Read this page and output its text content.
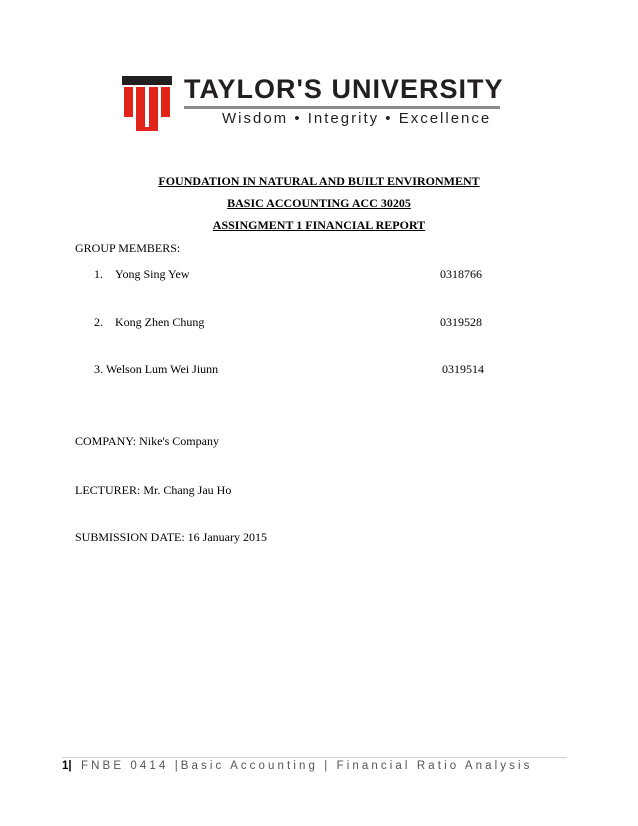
TAYLOR'S UNIVERSITY
Wisdom • Integrity • Excellence
FOUNDATION IN NATURAL AND BUILT ENVIRONMENT
BASIC ACCOUNTING ACC 30205
ASSINGMENT 1 FINANCIAL REPORT
GROUP MEMBERS:
1. Yong Sing Yew	0318766
2. Kong Zhen Chung	0319528
3. Welson Lum Wei Jiunn	0319514
COMPANY: Nike's Company
LECTURER: Mr. Chang Jau Ho
SUBMISSION DATE: 16 January 2015
1| FNBE 0414 |Basic Accounting | Financial Ratio Analysis
